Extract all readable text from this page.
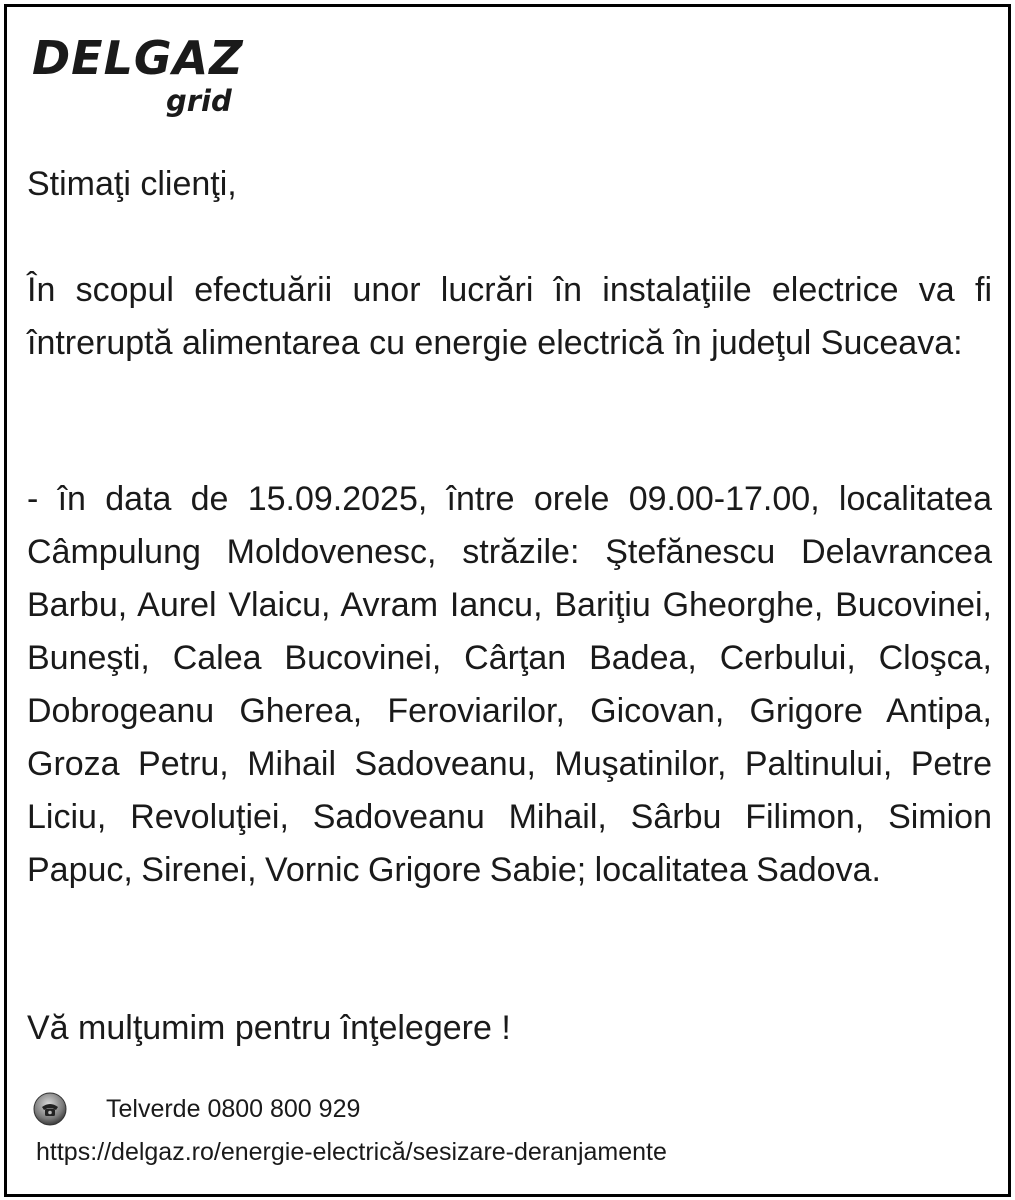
DELGAZ
grid

Stimaţi clienţi,

În scopul efectuării unor lucrări în instalaţiile electrice va fi întreruptă alimentarea cu energie electrică în judeţul Suceava:

- în data de 15.09.2025, între orele 09.00-17.00, localitatea Câmpulung Moldovenesc, străzile: Ştefănescu Delavrancea Barbu, Aurel Vlaicu, Avram Iancu, Bariţiu Gheorghe, Bucovinei, Buneşti, Calea Bucovinei, Cârţan Badea, Cerbului, Cloşca, Dobrogeanu Gherea, Feroviarilor, Gicovan, Grigore Antipa, Groza Petru, Mihail Sadoveanu, Muşatinilor, Paltinului, Petre Liciu, Revoluţiei, Sadoveanu Mihail, Sârbu Filimon, Simion Papuc, Sirenei, Vornic Grigore Sabie; localitatea Sadova.

Vă mulţumim pentru înţelegere !

Telverde 0800 800 929
https://delgaz.ro/energie-electrică/sesizare-deranjamente
